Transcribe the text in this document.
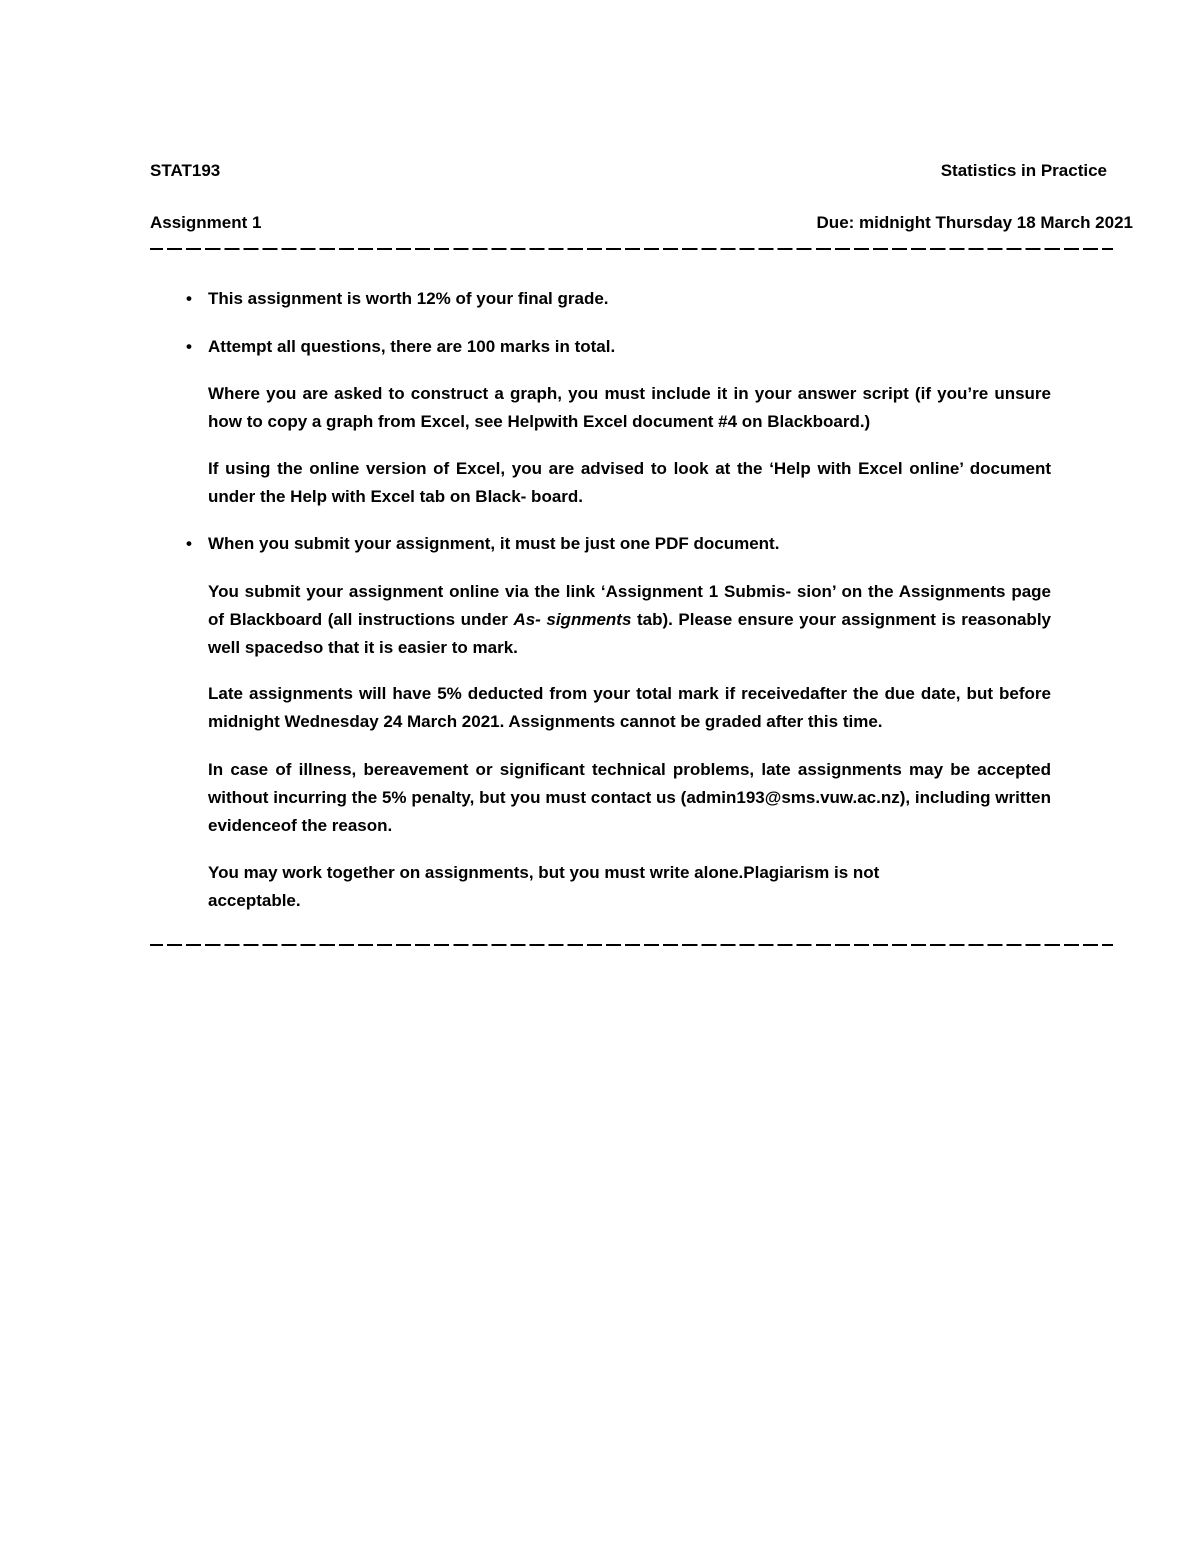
STAT193	Statistics in Practice
Assignment 1	Due: midnight Thursday 18 March 2021
• This assignment is worth 12% of your final grade.
• Attempt all questions, there are 100 marks in total.
Where you are asked to construct a graph, you must include it in your answer script (if you’re unsure how to copy a graph from Excel, see Helpwith Excel document #4 on Blackboard.)
If using the online version of Excel, you are advised to look at the ‘Help with Excel online’ document under the Help with Excel tab on Black- board.
• When you submit your assignment, it must be just one PDF document.
You submit your assignment online via the link ‘Assignment 1 Submis- sion’ on the Assignments page of Blackboard (all instructions under As- signments tab). Please ensure your assignment is reasonably well spacedso that it is easier to mark.
Late assignments will have 5% deducted from your total mark if receivedafter the due date, but before midnight Wednesday 24 March 2021. Assignments cannot be graded after this time.
In case of illness, bereavement or significant technical problems, late assignments may be accepted without incurring the 5% penalty, but you must contact us (admin193@sms.vuw.ac.nz), including written evidenceof the reason.
You may work together on assignments, but you must write alone.Plagiarism is not acceptable.
